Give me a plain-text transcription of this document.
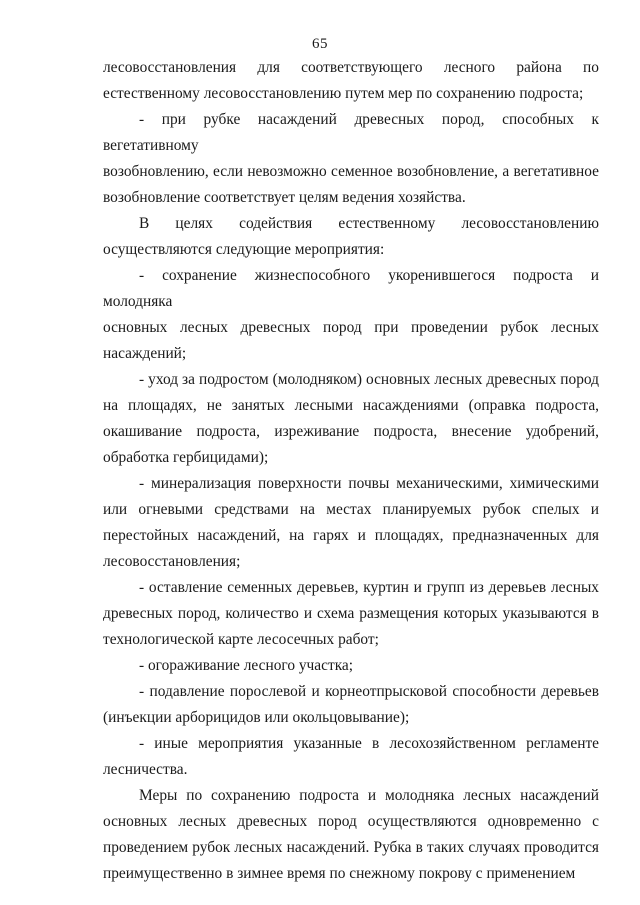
65
лесовосстановления для соответствующего лесного района по
естественному лесовосстановлению путем мер по сохранению подроста;
- при рубке насаждений древесных пород, способных к вегетативному
возобновлению, если невозможно семенное возобновление, а вегетативное
возобновление соответствует целям ведения хозяйства.
В целях содействия естественному лесовосстановлению
осуществляются следующие мероприятия:
- сохранение жизнеспособного укоренившегося подроста и молодняка
основных лесных древесных пород при проведении рубок лесных
насаждений;
- уход за подростом (молодняком) основных лесных древесных пород
на площадях, не занятых лесными насаждениями (оправка подроста,
окашивание подроста, изреживание подроста, внесение удобрений,
обработка гербицидами);
- минерализация поверхности почвы механическими, химическими
или огневыми средствами на местах планируемых рубок спелых и
перестойных насаждений, на гарях и площадях, предназначенных для
лесовосстановления;
- оставление семенных деревьев, куртин и групп из деревьев лесных
древесных пород, количество и схема размещения которых указываются в
технологической карте лесосечных работ;
- огораживание лесного участка;
- подавление порослевой и корнеотпрысковой способности деревьев
(инъекции арборицидов или окольцовывание);
- иные мероприятия указанные в лесохозяйственном регламенте
лесничества.
Меры по сохранению подроста и молодняка лесных насаждений
основных лесных древесных пород осуществляются одновременно с
проведением рубок лесных насаждений. Рубка в таких случаях проводится
преимущественно в зимнее время по снежному покрову с применением
